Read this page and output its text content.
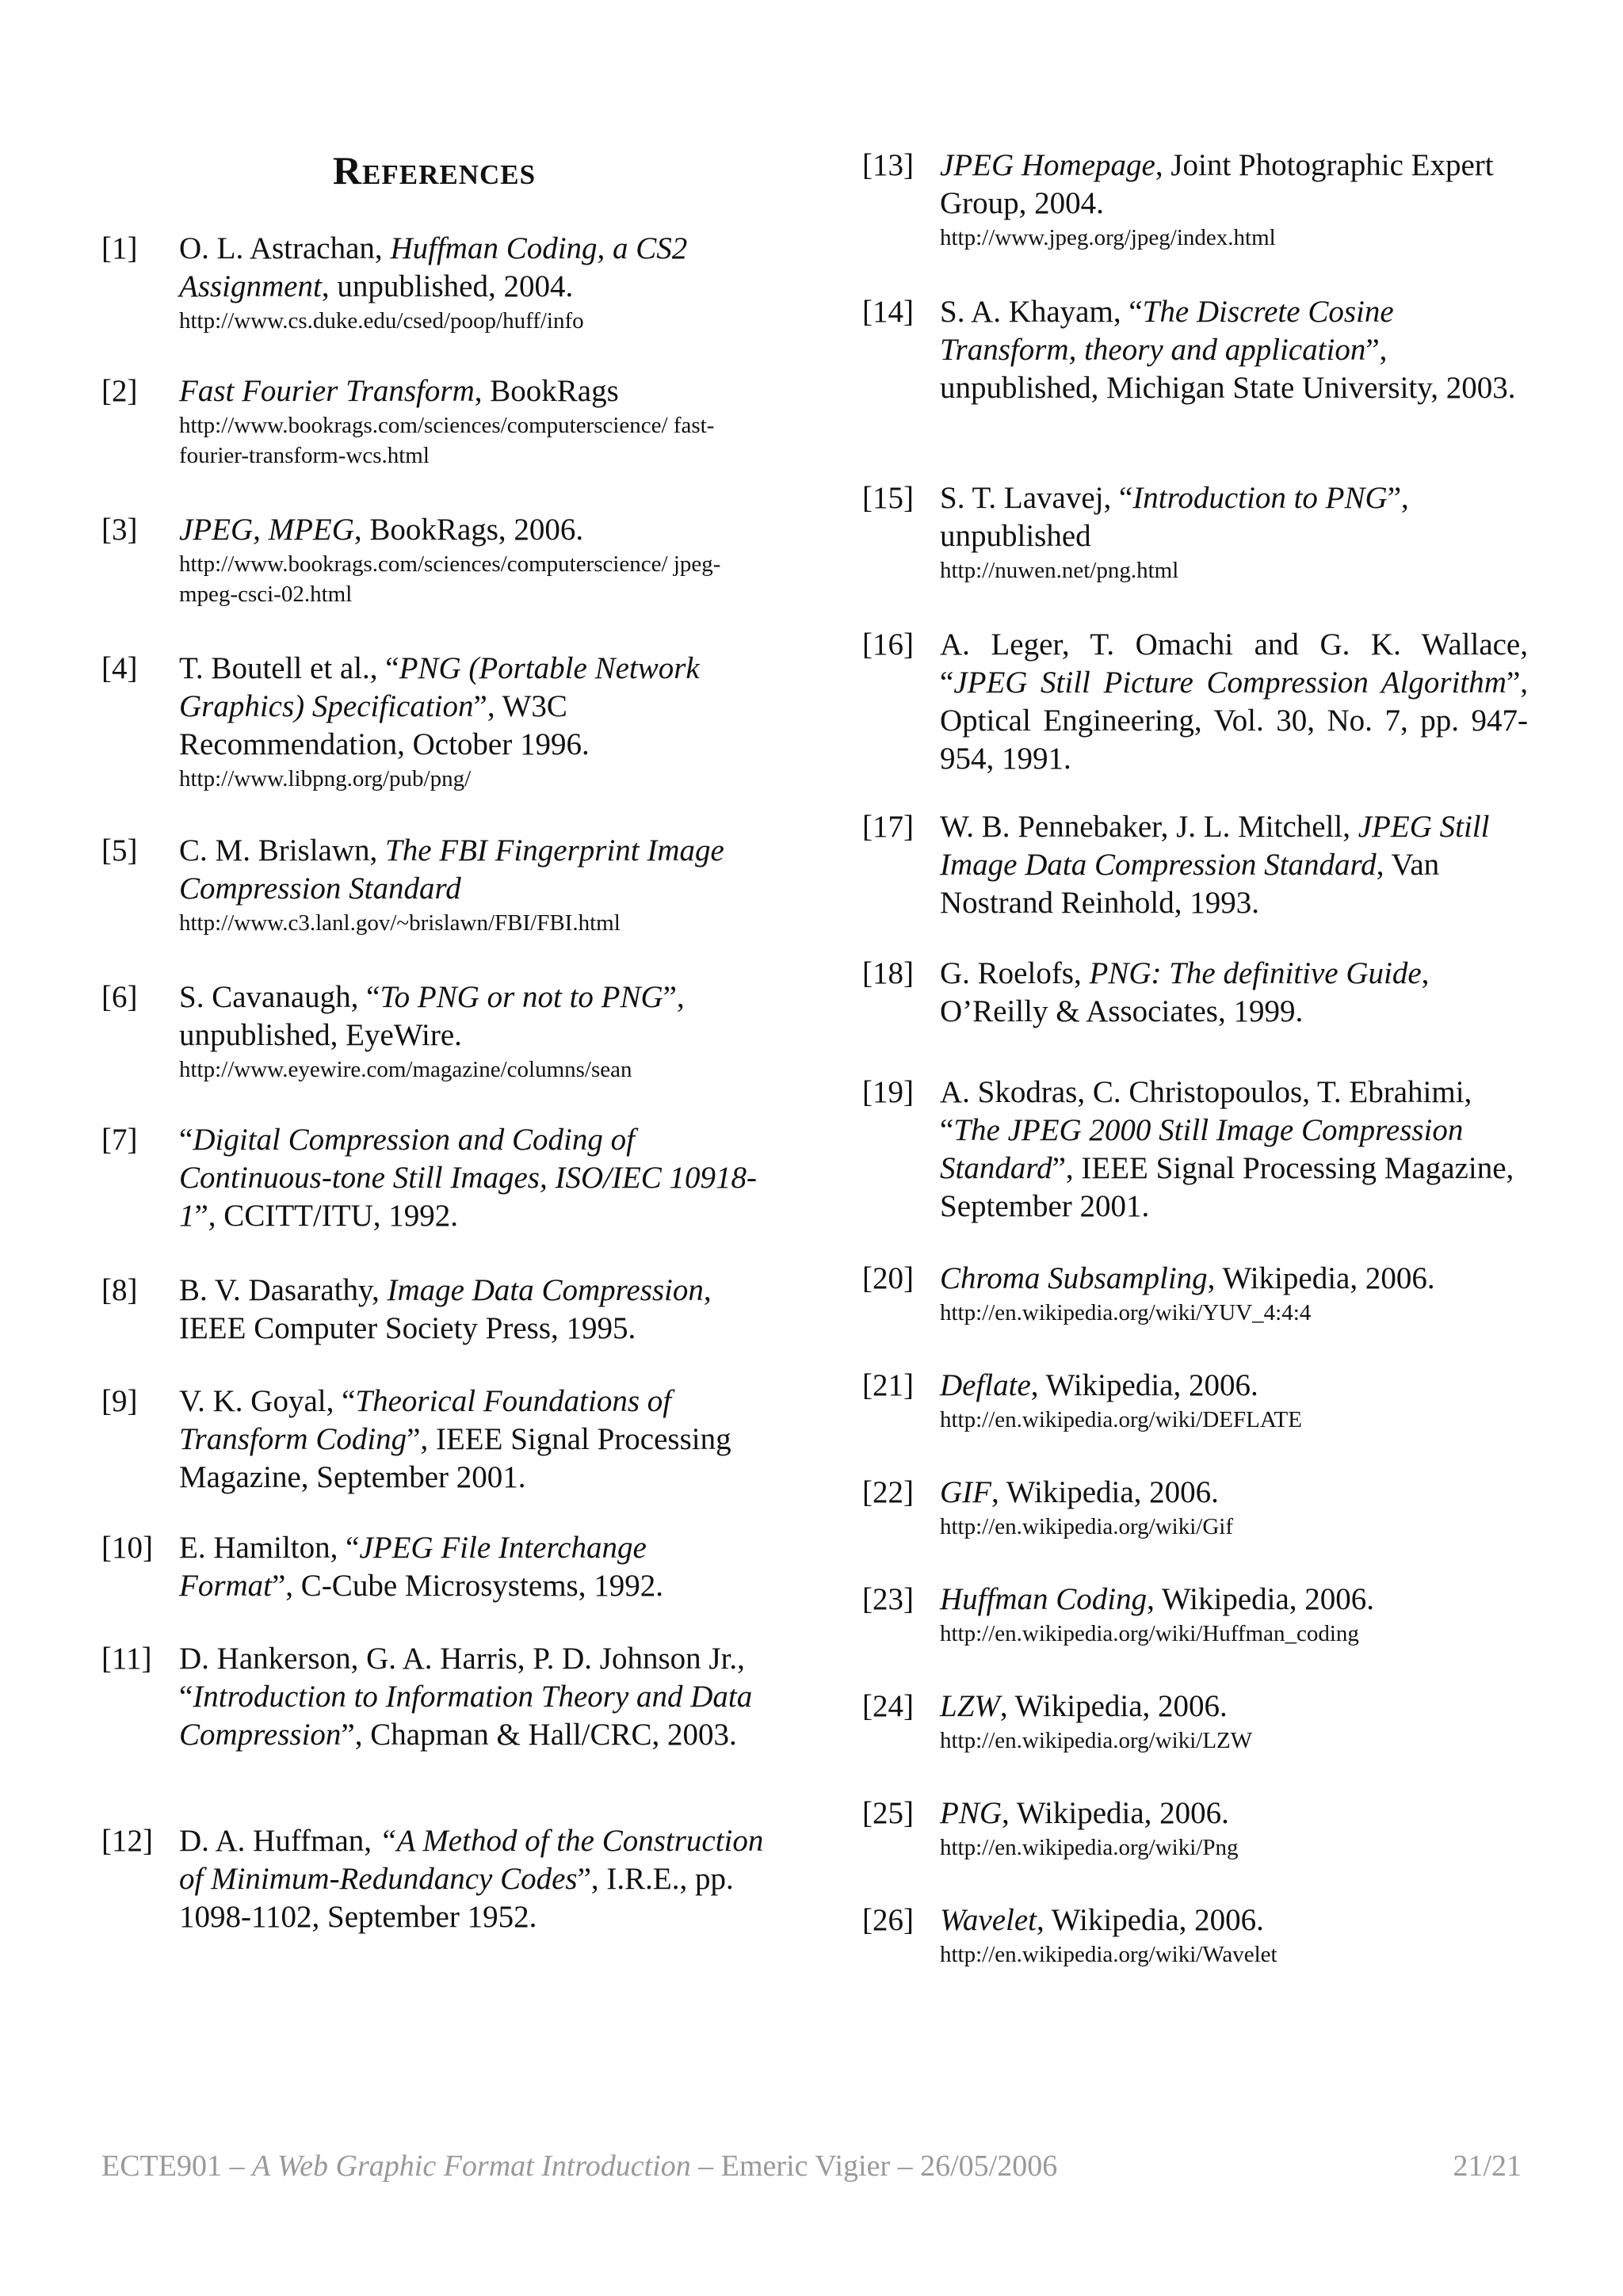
References
[1]	O. L. Astrachan, Huffman Coding, a CS2 Assignment, unpublished, 2004.
http://www.cs.duke.edu/csed/poop/huff/info
[2]	Fast Fourier Transform, BookRags
http://www.bookrags.com/sciences/computerscience/ fast-fourier-transform-wcs.html
[3]	JPEG, MPEG, BookRags, 2006.
http://www.bookrags.com/sciences/computerscience/ jpeg-mpeg-csci-02.html
[4]	T. Boutell et al., “PNG (Portable Network Graphics) Specification”, W3C Recommendation, October 1996.
http://www.libpng.org/pub/png/
[5]	C. M. Brislawn, The FBI Fingerprint Image Compression Standard
http://www.c3.lanl.gov/~brislawn/FBI/FBI.html
[6]	S. Cavanaugh, “To PNG or not to PNG”, unpublished, EyeWire.
http://www.eyewire.com/magazine/columns/sean
[7]	“Digital Compression and Coding of Continuous-tone Still Images, ISO/IEC 10918-1”, CCITT/ITU, 1992.
[8]	B. V. Dasarathy, Image Data Compression, IEEE Computer Society Press, 1995.
[9]	V. K. Goyal, “Theorical Foundations of Transform Coding”, IEEE Signal Processing Magazine, September 2001.
[10] E. Hamilton, “JPEG File Interchange Format”, C-Cube Microsystems, 1992.
[11] D. Hankerson, G. A. Harris, P. D. Johnson Jr., “Introduction to Information Theory and Data Compression”, Chapman & Hall/CRC, 2003.
[12] D. A. Huffman, “A Method of the Construction of Minimum-Redundancy Codes”, I.R.E., pp. 1098-1102, September 1952.
[13] JPEG Homepage, Joint Photographic Expert Group, 2004.
http://www.jpeg.org/jpeg/index.html
[14] S. A. Khayam, “The Discrete Cosine Transform, theory and application”, unpublished, Michigan State University, 2003.
[15] S. T. Lavavej, “Introduction to PNG”, unpublished
http://nuwen.net/png.html
[16] A. Leger, T. Omachi and G. K. Wallace, “JPEG Still Picture Compression Algorithm”, Optical Engineering, Vol. 30, No. 7, pp. 947-954, 1991.
[17] W. B. Pennebaker, J. L. Mitchell, JPEG Still Image Data Compression Standard, Van Nostrand Reinhold, 1993.
[18] G. Roelofs, PNG: The definitive Guide, O’Reilly & Associates, 1999.
[19] A. Skodras, C. Christopoulos, T. Ebrahimi, “The JPEG 2000 Still Image Compression Standard”, IEEE Signal Processing Magazine, September 2001.
[20] Chroma Subsampling, Wikipedia, 2006.
http://en.wikipedia.org/wiki/YUV_4:4:4
[21] Deflate, Wikipedia, 2006.
http://en.wikipedia.org/wiki/DEFLATE
[22] GIF, Wikipedia, 2006.
http://en.wikipedia.org/wiki/Gif
[23] Huffman Coding, Wikipedia, 2006.
http://en.wikipedia.org/wiki/Huffman_coding
[24] LZW, Wikipedia, 2006.
http://en.wikipedia.org/wiki/LZW
[25] PNG, Wikipedia, 2006.
http://en.wikipedia.org/wiki/Png
[26] Wavelet, Wikipedia, 2006.
http://en.wikipedia.org/wiki/Wavelet
ECTE901 – A Web Graphic Format Introduction – Emeric Vigier – 26/05/2006	21/21
